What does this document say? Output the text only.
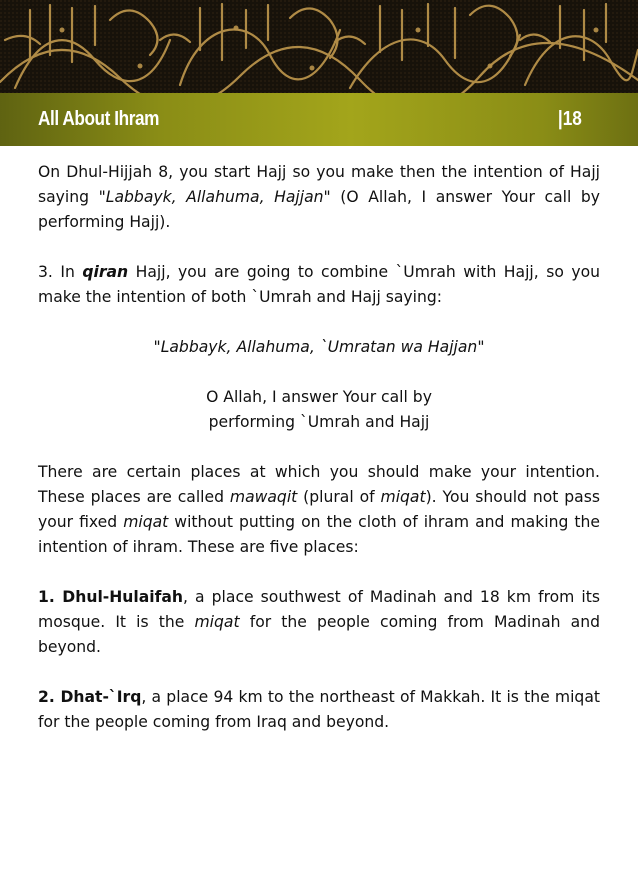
All About Ihram	|18

On Dhul-Hijjah 8, you start Hajj so you make then the intention of Hajj saying "Labbayk, Allahuma, Hajjan" (O Allah, I answer Your call by performing Hajj).

3. In qiran Hajj, you are going to combine `Umrah with Hajj, so you make the intention of both `Umrah and Hajj saying:

"Labbayk, Allahuma, `Umratan wa Hajjan"

O Allah, I answer Your call by
performing `Umrah and Hajj

There are certain places at which you should make your intention. These places are called mawaqit (plural of miqat). You should not pass your fixed miqat without putting on the cloth of ihram and making the intention of ihram. These are five places:

1. Dhul-Hulaifah, a place southwest of Madinah and 18 km from its mosque. It is the miqat for the people coming from Madinah and beyond.

2. Dhat-`Irq, a place 94 km to the northeast of Makkah. It is the miqat for the people coming from Iraq and beyond.
